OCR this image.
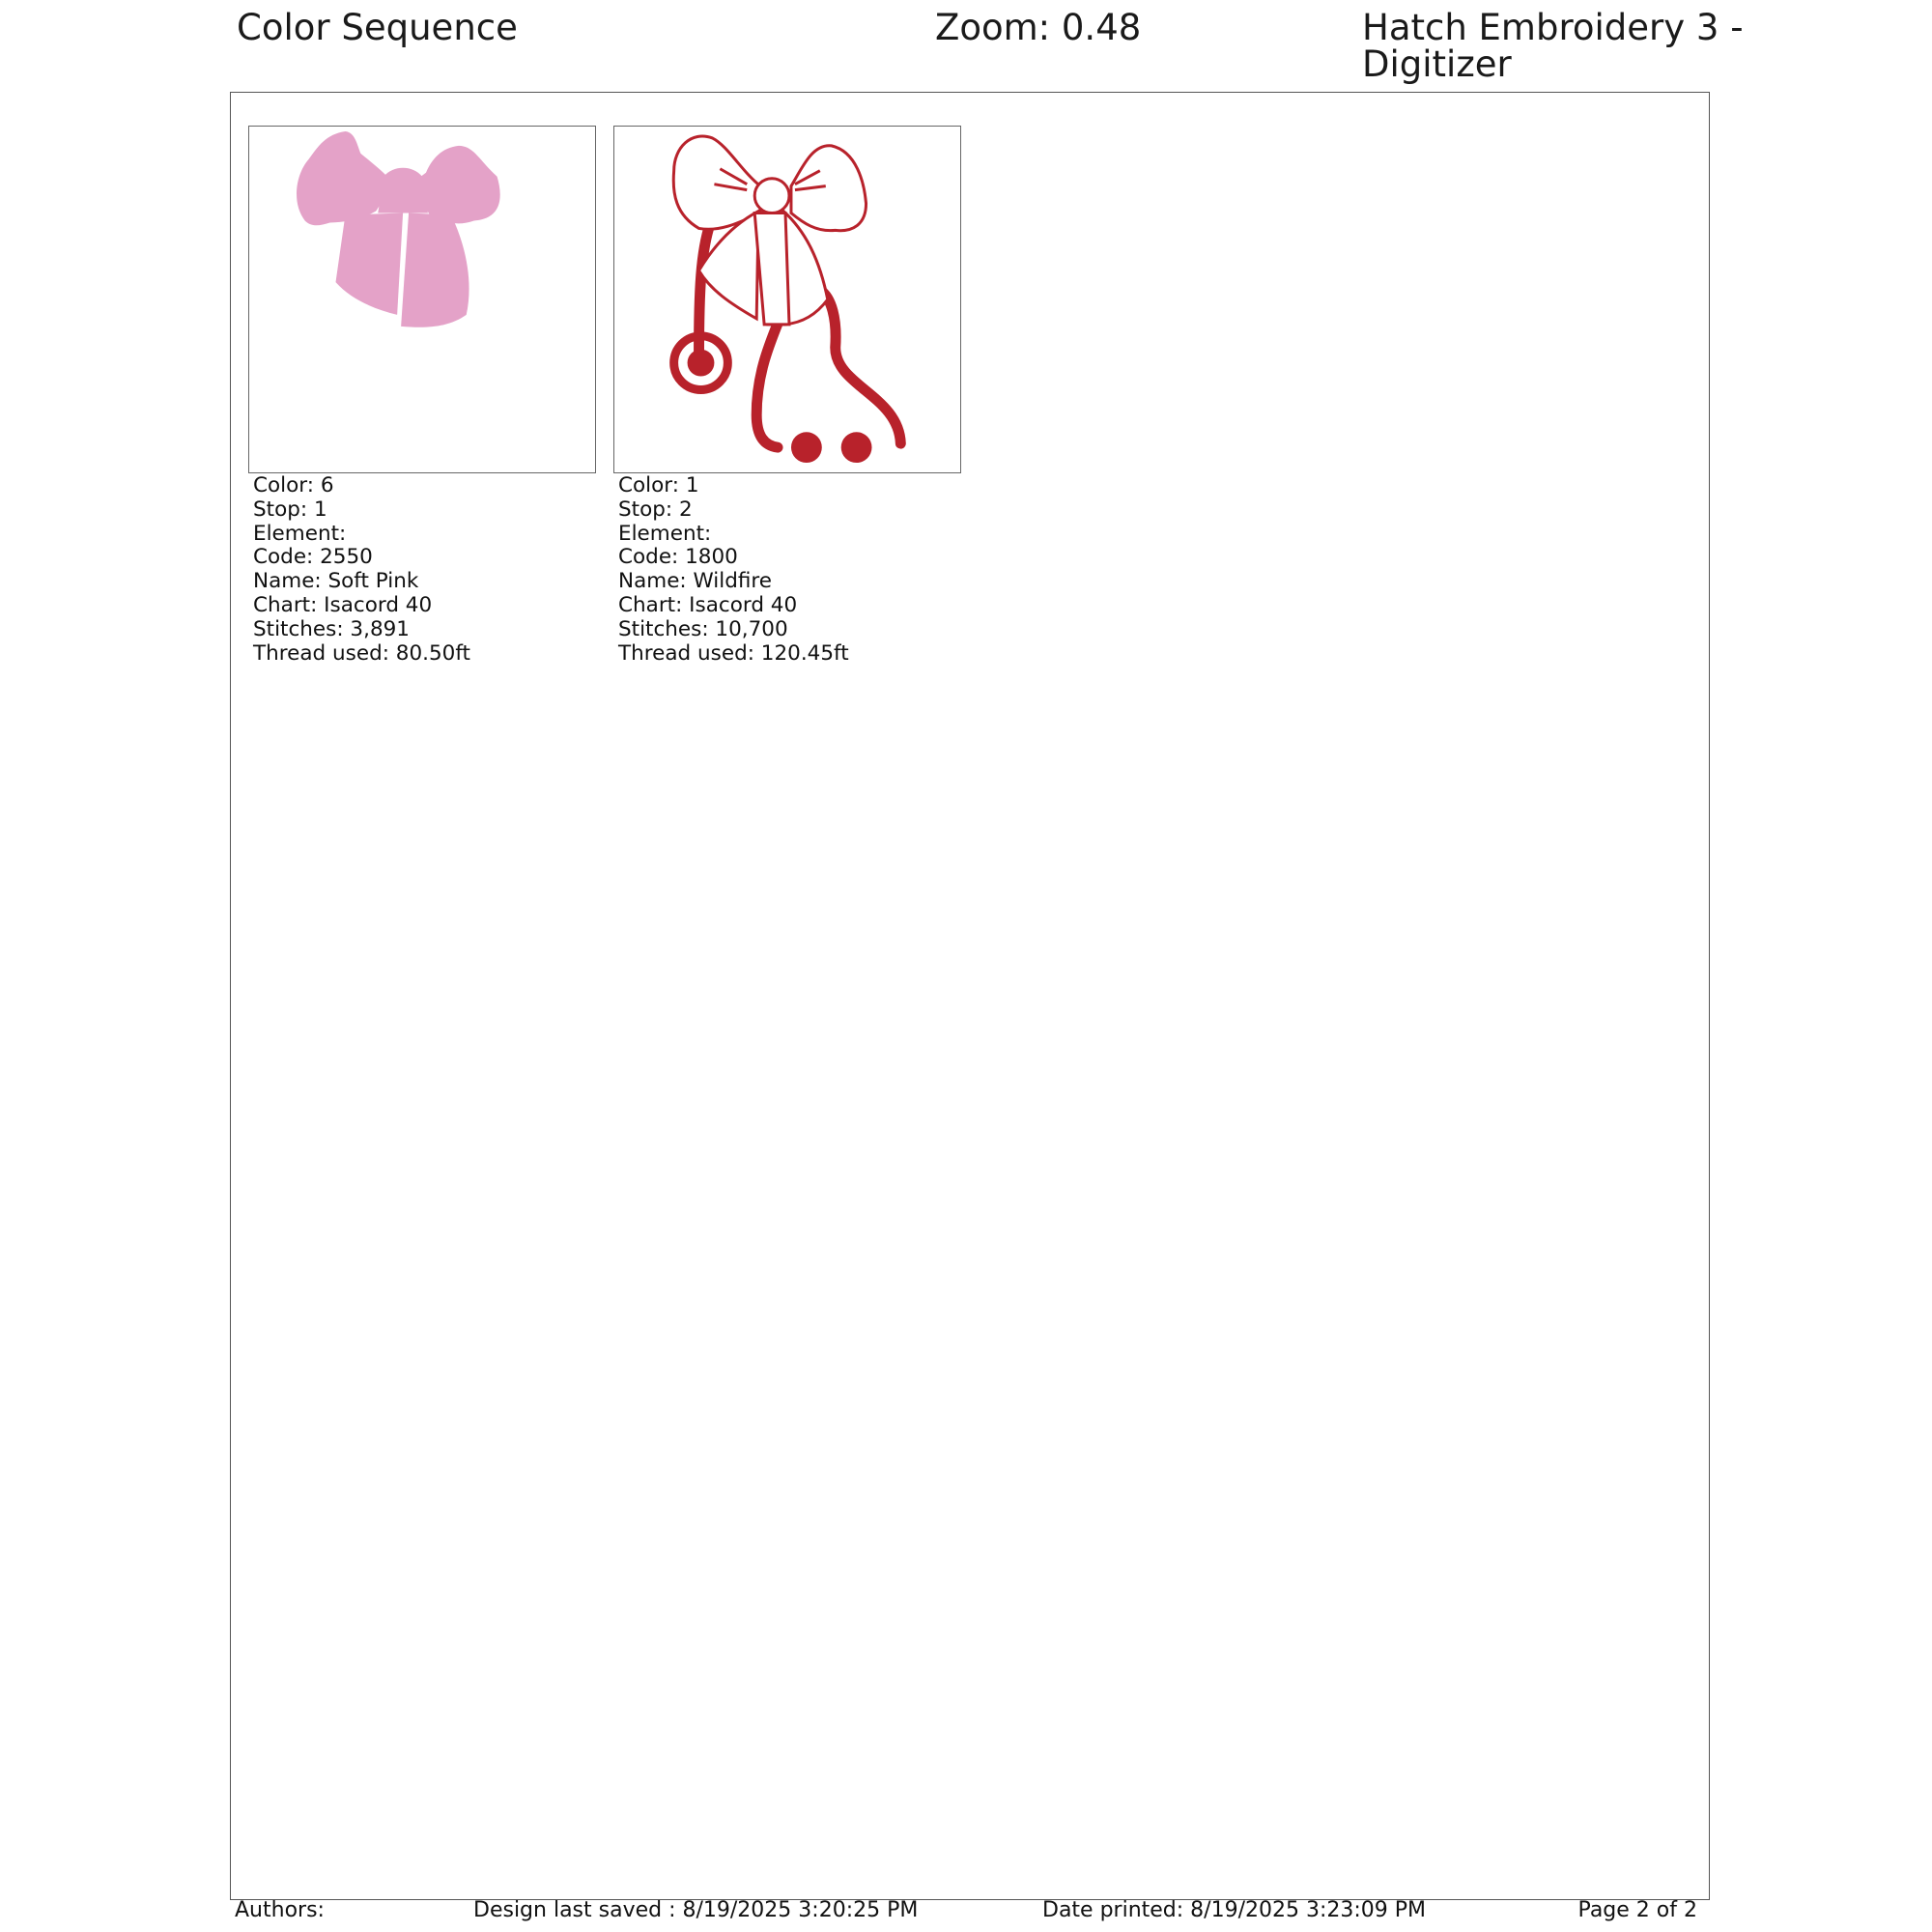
Color Sequence	Zoom: 0.48	Hatch Embroidery 3 - Digitizer
Color: 6
Stop: 1
Element:
Code: 2550
Name: Soft Pink
Chart: Isacord 40
Stitches: 3,891
Thread used: 80.50ft
Color: 1
Stop: 2
Element:
Code: 1800
Name: Wildfire
Chart: Isacord 40
Stitches: 10,700
Thread used: 120.45ft
Authors:	Design last saved : 8/19/2025 3:20:25 PM	Date printed: 8/19/2025 3:23:09 PM	Page 2 of 2
